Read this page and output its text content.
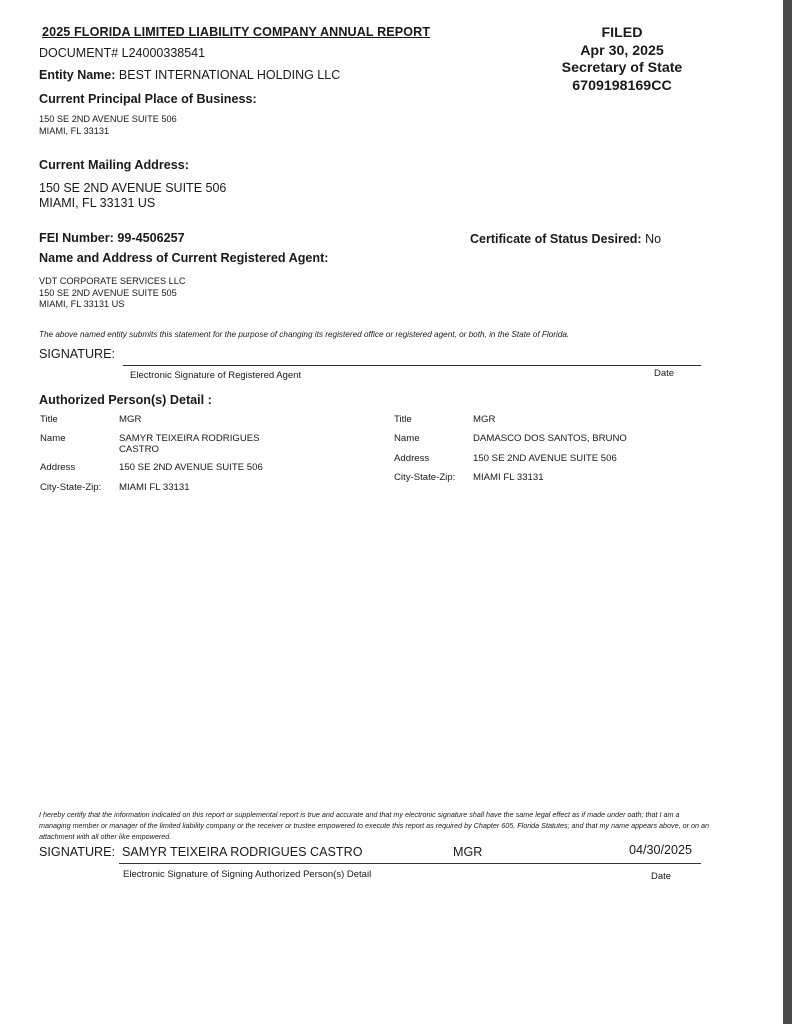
2025 FLORIDA LIMITED LIABILITY COMPANY ANNUAL REPORT
DOCUMENT# L24000338541
Entity Name: BEST INTERNATIONAL HOLDING LLC
FILED
Apr 30, 2025
Secretary of State
6709198169CC
Current Principal Place of Business:
150 SE 2ND AVENUE SUITE 506
MIAMI, FL 33131
Current Mailing Address:
150 SE 2ND AVENUE SUITE 506
MIAMI, FL 33131 US
FEI Number: 99-4506257	Certificate of Status Desired: No
Name and Address of Current Registered Agent:
VDT CORPORATE SERVICES LLC
150 SE 2ND AVENUE SUITE 505
MIAMI, FL 33131 US
The above named entity submits this statement for the purpose of changing its registered office or registered agent, or both, in the State of Florida.
SIGNATURE:
Electronic Signature of Registered Agent	Date
Authorized Person(s) Detail :
Title	MGR
Name	SAMYR TEIXEIRA RODRIGUES
CASTRO
Address	150 SE 2ND AVENUE SUITE 506
City-State-Zip: MIAMI FL 33131
Title	MGR
Name	DAMASCO DOS SANTOS, BRUNO
Address	150 SE 2ND AVENUE SUITE 506
City-State-Zip: MIAMI FL 33131
I hereby certify that the information indicated on this report or supplemental report is true and accurate and that my electronic signature shall have the same legal effect as if made under oath; that I am a managing member or manager of the limited liability company or the receiver or trustee empowered to execute this report as required by Chapter 605, Florida Statutes; and that my name appears above, or on an attachment with all other like empowered.
SIGNATURE: SAMYR TEIXEIRA RODRIGUES CASTRO	MGR	04/30/2025
Electronic Signature of Signing Authorized Person(s) Detail	Date
